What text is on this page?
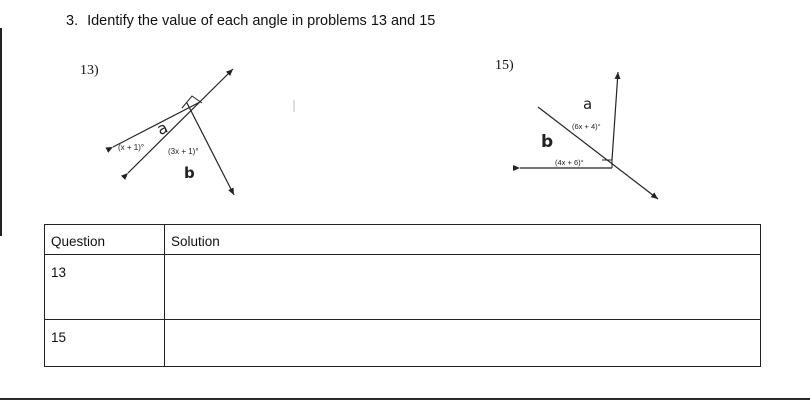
3. Identify the value of each angle in problems 13 and 15
13)	15)
(x + 1)°	(3x + 1)°
a
b
(6x + 4)°
(4x + 6)°
a
b
Question	Solution
13	
15	
